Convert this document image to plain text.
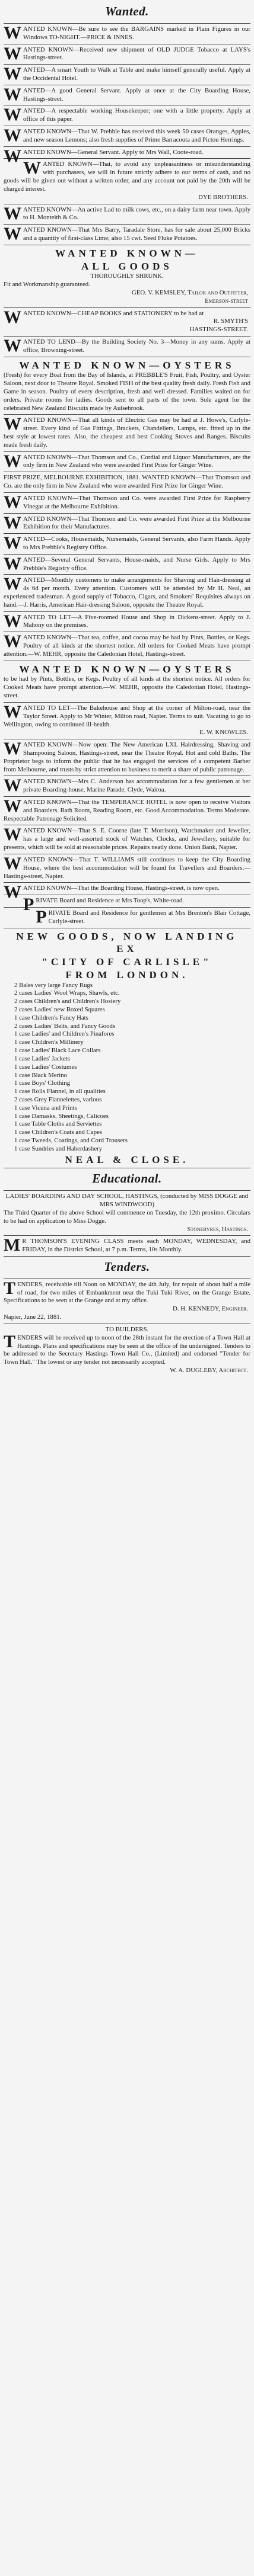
Wanted.
WANTED KNOWN—Be sure to see the BARGAINS marked in Plain Figures in our Windows TO-NIGHT.—PRICE & INNES.
WANTED KNOWN—Received new shipment of OLD JUDGE Tobacco at LAYS's Hastings-street.
WANTED—A smart Youth to Walk at Table and make himself generally useful. Apply at the Occidental Hotel.
WANTED—A good General Servant. Apply at once at the City Boarding House, Hastings-street.
WANTED—A respectable working Housekeeper; one with a little property. Apply at office of this paper.
WANTED KNOWN—That W. Prebble has received this week 50 cases Oranges, Apples, and new season Lemons; also fresh supplies of Prime Barracouta and Pictou Herrings.
WANTED KNOWN—General Servant. Apply to Mrs Wall, Coote-road.
WANTED KNOWN—That, to avoid any unpleasantness or misunderstanding with purchasers, we will in future strictly adhere to our terms of cash, and no goods will be given out without a written order, and any account not paid by the 20th will be charged interest.
DYE BROTHERS.
WANTED KNOWN—An active Lad to milk cows, etc., on a dairy farm near town. Apply to H. Monteith & Co.
WANTED KNOWN—That Mrs Barry, Taradale Store, has for sale about 25,000 Bricks and a quantity of first-class Lime; also 15 cwt. Seed Fluke Potatoes.
WANTED KNOWN—
ALL GOODS
THOROUGHLY SHRUNK.
Fit and Workmanship guaranteed.
GEO. V. KEMSLEY, Tailor and Outfitter,
Emerson-street
WANTED KNOWN—CHEAP BOOKS and STATIONERY to be had at
R. SMYTH'S
HASTINGS-STREET.
WANTED TO LEND—By the Building Society No. 3—Money in any sums. Apply at office, Browning-street.
WANTED KNOWN—OYSTERS
(Fresh) for every Boat from the Bay of Islands, at PREBBLE'S Fruit, Fish, Poultry, and Oyster Saloon, next door to Theatre Royal. Smoked FISH of the best quality fresh daily. Fresh Fish and Game in season. Poultry of every description, fresh and well dressed. Families waited on for orders. Private rooms for ladies. Goods sent to all parts of the town. Sole agent for the celebrated New Zealand Biscuits made by Aulsebrook.
WANTED KNOWN—That all kinds of Electric Gas may be had at J. Howe's, Carlyle-street. Every kind of Gas Fittings, Brackets, Chandeliers, Lamps, etc. fitted up in the best style at lowest rates. Also, the cheapest and best Cooking Stoves and Ranges. Biscuits made fresh daily.
WANTED KNOWN—That Thomson and Co., Cordial and Liquor Manufacturers, are the only firm in New Zealand who were awarded First Prize for Ginger Wine.
FIRST PRIZE, MELBOURNE EXHIBITION, 1881. WANTED KNOWN—That Thomson and Co. are the only firm in New Zealand who were awarded First Prize for Ginger Wine.
WANTED KNOWN—That Thomson and Co. were awarded First Prize for Raspberry Vinegar at the Melbourne Exhibition.
WANTED KNOWN—That Thomson and Co. were awarded First Prize at the Melbourne Exhibition for their Manufactures.
WANTED—Cooks, Housemaids, Nursemaids, General Servants, also Farm Hands. Apply to Mrs Prebble's Registry Office.
WANTED—Several General Servants, House-maids, and Nurse Girls. Apply to Mrs Prebble's Registry office.
WANTED—Monthly customers to make arrangements for Shaving and Hair-dressing at 4s 6d per month. Every attention. Customers will be attended by Mr H. Neal, an experienced tradesman. A good supply of Tobacco, Cigars, and Smokers' Requisites always on hand.—J. Harris, American Hair-dressing Saloon, opposite the Theatre Royal.
WANTED TO LET—A Five-roomed House and Shop in Dickens-street. Apply to J. Mahony on the premises.
WANTED KNOWN—That tea, coffee, and cocoa may be had by Pints, Bottles, or Kegs. Poultry of all kinds at the shortest notice. All orders for Cooked Meats have prompt attention.—W. MEHR, opposite the Caledonian Hotel, Hastings-street.
WANTED KNOWN—OYSTERS
to be had by Pints, Bottles, or Kegs. Poultry of all kinds at the shortest notice. All orders for Cooked Meats have prompt attention.—W. MEHR, opposite the Caledonian Hotel, Hastings-street.
WANTED TO LET—The Bakehouse and Shop at the corner of Milton-road, near the Taylor Street. Apply to Mr Winter, Milton road, Napier. Terms to suit. Vacating to go to Wellington, owing to continued ill-health.
E. W. KNOWLES.
WANTED KNOWN—Now open: The New American LXL Hairdressing, Shaving and Shampooing Saloon, Hastings-street, near the Theatre Royal. Hot and cold Baths. The Proprietor begs to inform the public that he has engaged the services of a competent Barber from Melbourne, and trusts by strict attention to business to merit a share of public patronage.
WANTED KNOWN—Mrs C. Anderson has accommodation for a few gentlemen at her private Boarding-house, Marine Parade, Clyde, Wairoa.
WANTED KNOWN—That the TEMPERANCE HOTEL is now open to receive Visitors and Boarders. Bath Room, Reading Room, etc. Good Accommodation. Terms Moderate. Respectable Patronage Solicited.
WANTED KNOWN—That S. E. Coorne (late T. Morrison), Watchmaker and Jeweller, has a large and well-assorted stock of Watches, Clocks, and Jewellery, suitable for presents, which will be sold at reasonable prices. Repairs neatly done. Union Bank, Napier.
WANTED KNOWN—That T. WILLIAMS still continues to keep the City Boarding House, where the best accommodation will be found for Travellers and Boarders.—Hastings-street, Napier.
WANTED KNOWN—That the Boarding House, Hastings-street, is now open.
PRIVATE Board and Residence at Mrs Toop's, White-road.
PRIVATE Board and Residence for gentlemen at Mrs Brenton's Blair Cottage, Carlyle-street.
NEW GOODS, NOW LANDING EX
"CITY OF CARLISLE"
FROM LONDON.
2 Bales very large Fancy Rugs
2 cases Ladies' Wool Wraps, Shawls, etc.
2 cases Children's and Children's Hosiery
2 cases Ladies' new Boxed Squares
1 case Children's Fancy Hats
2 cases Ladies' Belts, and Fancy Goods
1 case Ladies' and Children's Pinafores
1 case Children's Millinery
1 case Ladies' Black Lace Collars
1 case Ladies' Jackets
1 case Ladies' Costumes
1 case Black Merino
1 case Boys' Clothing
1 case Rolls Flannel, in all qualities
2 cases Grey Flannelettes, various
1 case Vicuna and Prints
1 case Damasks, Sheetings, Calicoes
1 case Table Cloths and Serviettes
1 case Children's Coats and Capes
1 case Tweeds, Coatings, and Cord Trousers
1 case Sundries and Haberdashery
NEAL & CLOSE.
Educational.
LADIES' BOARDING AND DAY SCHOOL, HASTINGS, (conducted by MISS DOGGE and MRS WINDWOOD)
The Third Quarter of the above School will commence on Tuesday, the 12th proximo. Circulars to be had on application to Miss Dogge.
Stonebyres, Hastings.
M R THOMSON'S EVENING CLASS meets each MONDAY, WEDNESDAY, and FRIDAY, in the District School, at 7 p.m. Terms, 10s Monthly.
Tenders.
TENDERS, receivable till Noon on MONDAY, the 4th July, for repair of about half a mile of road, for two miles of Embankment near the Tuki Tuki River, on the Grange Estate. Specifications to be seen at the Grange and at my office.
D. H. KENNEDY, Engineer.
Napier, June 22, 1881.
TO BUILDERS.
T ENDERS will be received up to noon of the 28th instant for the erection of a Town Hall at Hastings. Plans and specifications may be seen at the office of the undersigned. Tenders to be addressed to the Secretary Hastings Town Hall Co., (Limited) and endorsed "Tender for Town Hall." The lowest or any tender not necessarily accepted.
W. A. DUGLEBY, Architect.
